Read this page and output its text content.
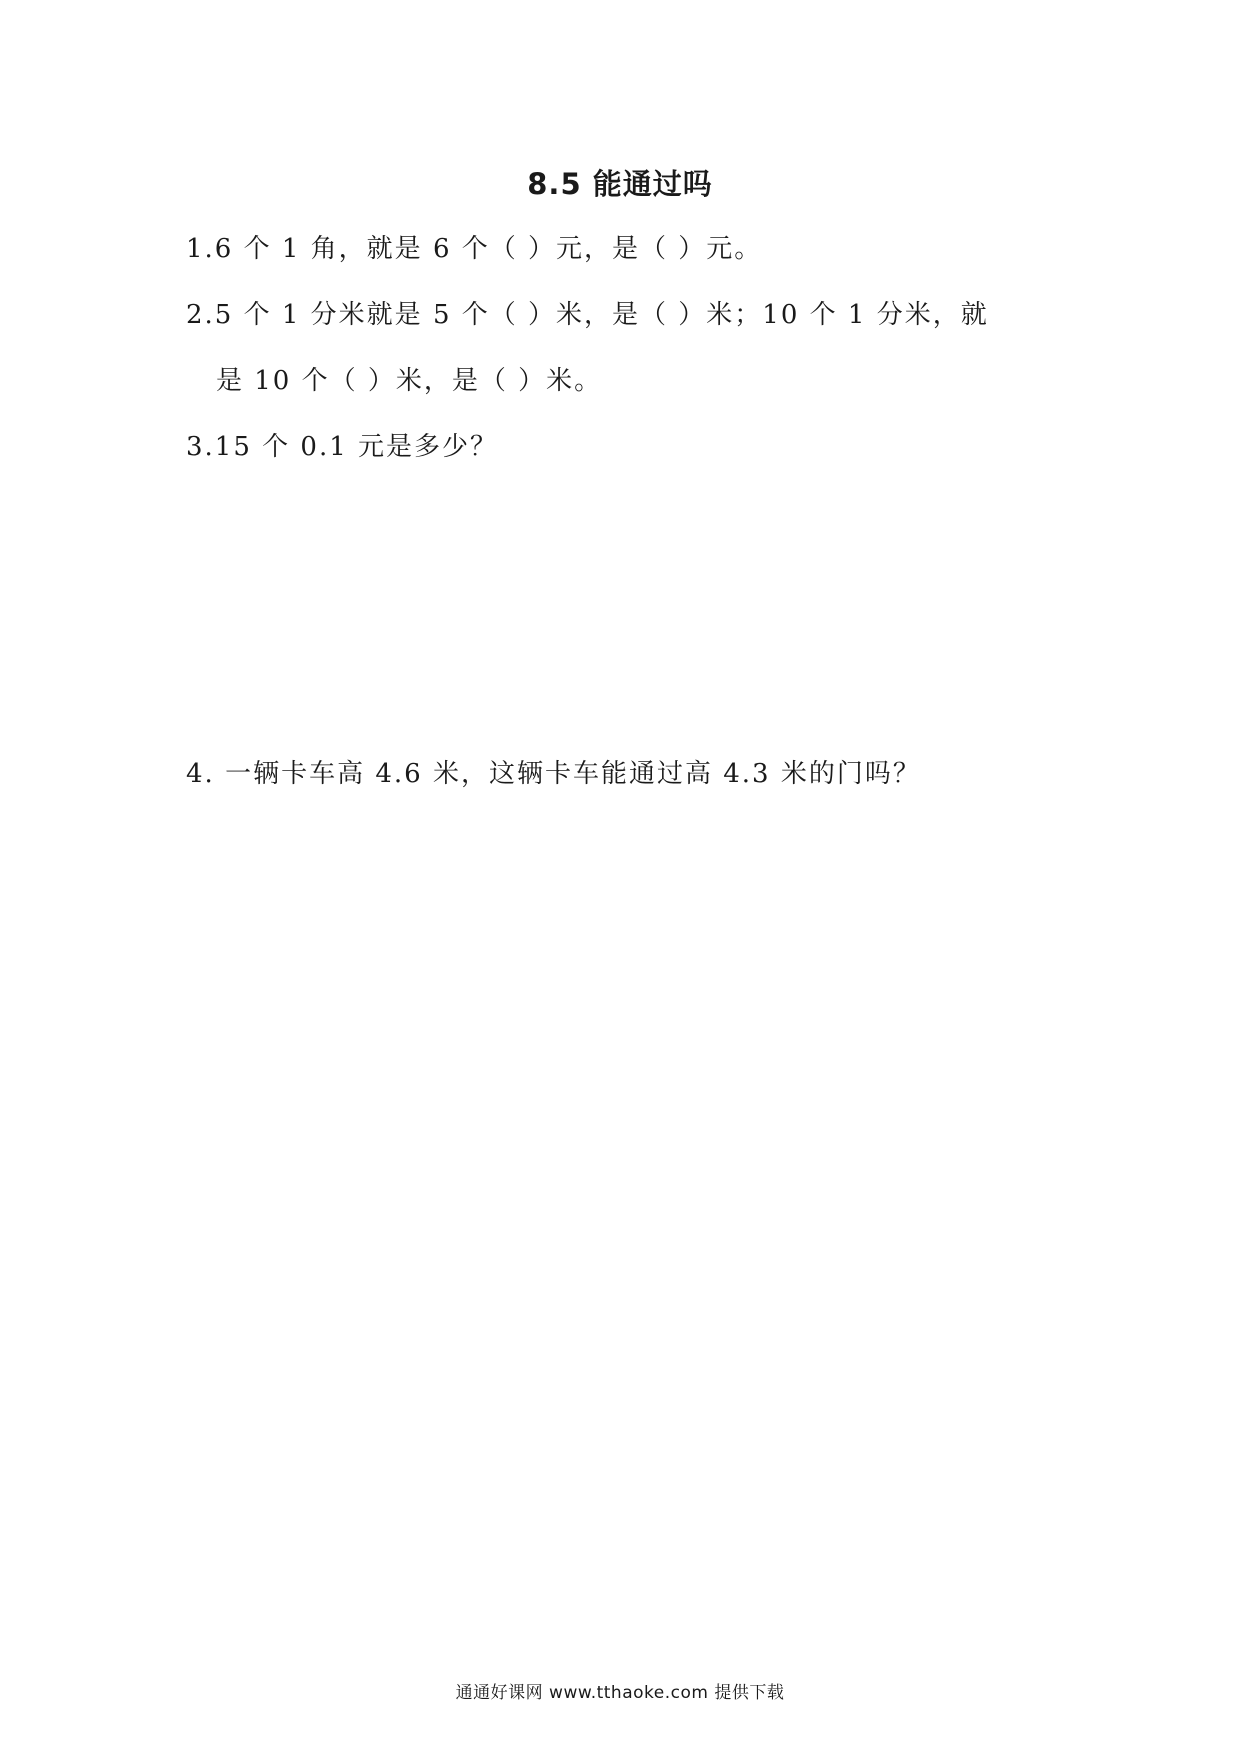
8.5 能通过吗
1.6 个 1 角，就是 6 个（ ）元，是（ ）元。
2.5 个 1 分米就是 5 个（ ）米，是（ ）米；10 个 1 分米，就
是 10 个（ ）米，是（ ）米。
3.15 个 0.1 元是多少？
4. 一辆卡车高 4.6 米，这辆卡车能通过高 4.3 米的门吗？
通通好课网 www.tthaoke.com 提供下载
